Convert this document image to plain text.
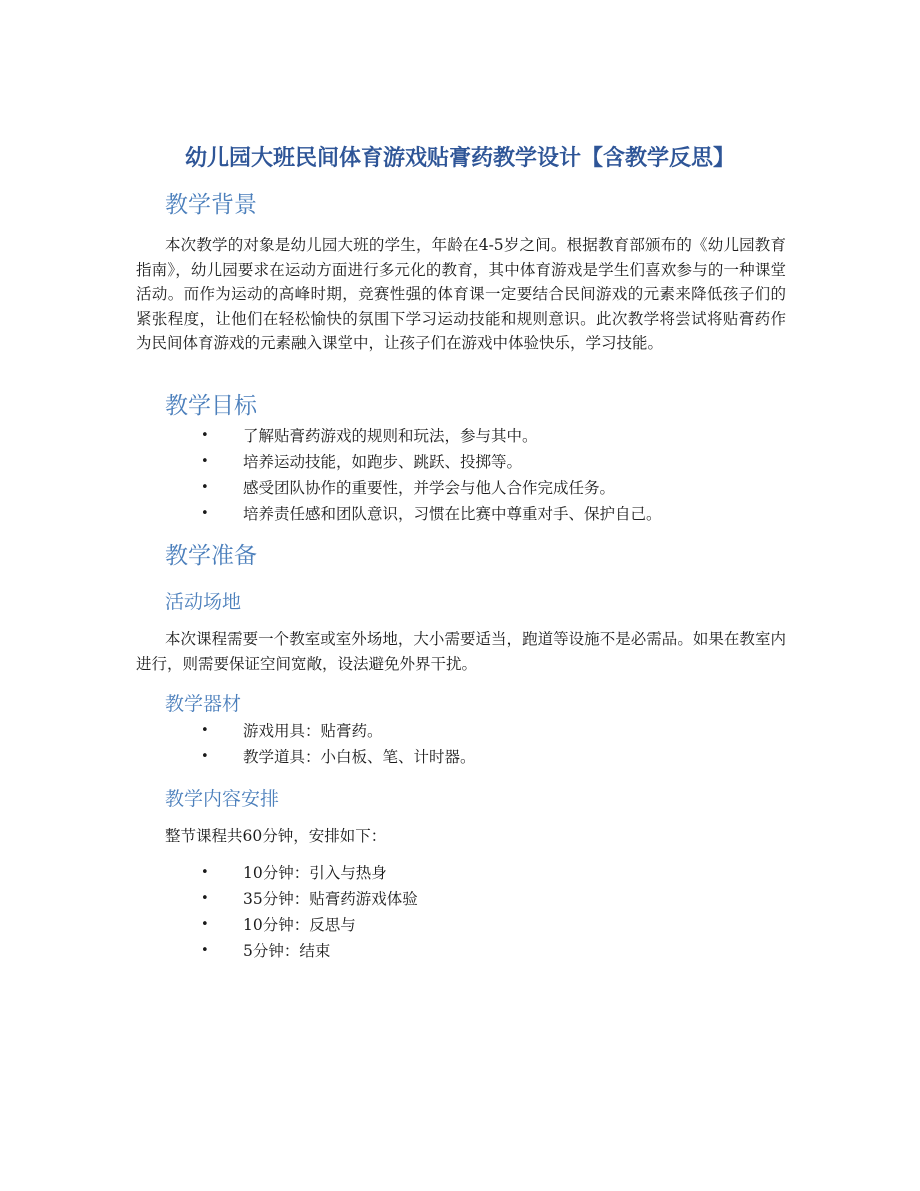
幼儿园大班民间体育游戏贴膏药教学设计【含教学反思】
教学背景

本次教学的对象是幼儿园大班的学生，年龄在4-5岁之间。根据教育部颁布的《幼儿园教育指南》，幼儿园要求在运动方面进行多元化的教育，其中体育游戏是学生们喜欢参与的一种课堂活动。而作为运动的高峰时期，竞赛性强的体育课一定要结合民间游戏的元素来降低孩子们的紧张程度，让他们在轻松愉快的氛围下学习运动技能和规则意识。此次教学将尝试将贴膏药作为民间体育游戏的元素融入课堂中，让孩子们在游戏中体验快乐，学习技能。

教学目标
• 了解贴膏药游戏的规则和玩法，参与其中。
• 培养运动技能，如跑步、跳跃、投掷等。
• 感受团队协作的重要性，并学会与他人合作完成任务。
• 培养责任感和团队意识，习惯在比赛中尊重对手、保护自己。
教学准备
活动场地

本次课程需要一个教室或室外场地，大小需要适当，跑道等设施不是必需品。如果在教室内进行，则需要保证空间宽敞，设法避免外界干扰。

教学器材
• 游戏用具：贴膏药。
• 教学道具：小白板、笔、计时器。
教学内容安排

整节课程共60分钟，安排如下：

• 10分钟：引入与热身
• 35分钟：贴膏药游戏体验
• 10分钟：反思与
• 5分钟：结束
